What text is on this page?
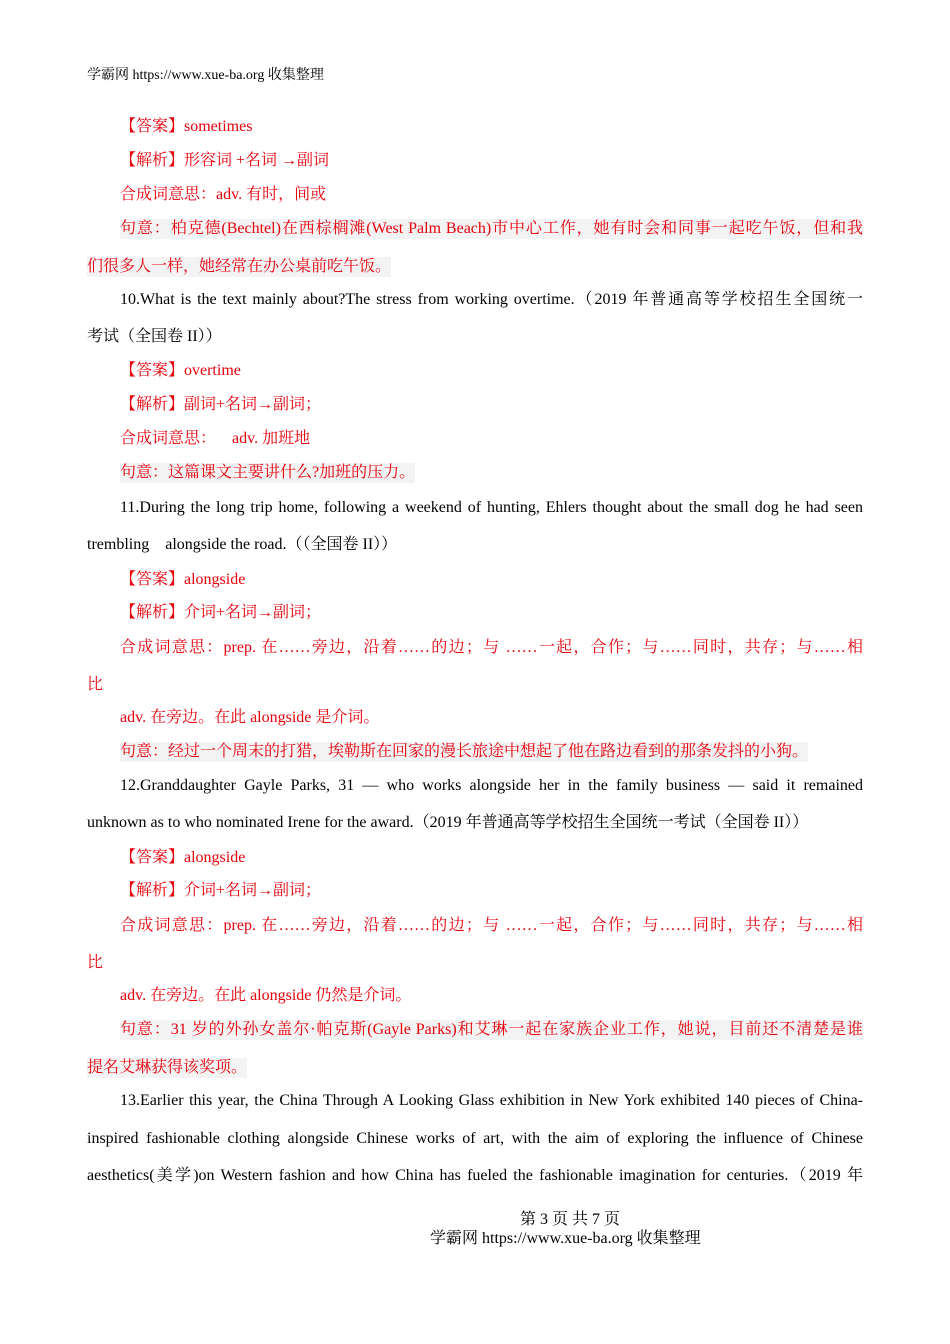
学霸网 https://www.xue-ba.org 收集整理
【答案】sometimes
【解析】形容词 +名词 →副词
合成词意思：adv. 有时，间或
句意：柏克德(Bechtel)在西棕榈滩(West Palm Beach)市中心工作，她有时会和同事一起吃午饭，但和我
们很多人一样，她经常在办公桌前吃午饭。
10.What is the text mainly about?The stress from working overtime.（2019 年普通高等学校招生全国统一
考试（全国卷 II））
【答案】overtime
【解析】副词+名词→副词；
合成词意思：    adv. 加班地
句意：这篇课文主要讲什么?加班的压力。
11.During the long trip home, following a weekend of hunting, Ehlers thought about the small dog he had seen
trembling    alongside the road.（（全国卷 II））
【答案】alongside
【解析】介词+名词→副词；
合成词意思：prep. 在……旁边，沿着……的边；与 ……一起，合作；与……同时，共存；与……相
比
adv. 在旁边。在此 alongside 是介词。
句意：经过一个周末的打猎，埃勒斯在回家的漫长旅途中想起了他在路边看到的那条发抖的小狗。
12.Granddaughter Gayle Parks, 31 — who works alongside her in the family business — said it remained
unknown as to who nominated Irene for the award.（2019 年普通高等学校招生全国统一考试（全国卷 II））
【答案】alongside
【解析】介词+名词→副词；
合成词意思：prep. 在……旁边，沿着……的边；与 ……一起，合作；与……同时，共存；与……相
比
adv. 在旁边。在此 alongside 仍然是介词。
句意：31 岁的外孙女盖尔·帕克斯(Gayle Parks)和艾琳一起在家族企业工作，她说，目前还不清楚是谁
提名艾琳获得该奖项。
13.Earlier this year, the China Through A Looking Glass exhibition in New York exhibited 140 pieces of China-
inspired fashionable clothing alongside Chinese works of art, with the aim of exploring the influence of Chinese
aesthetics(美学)on Western fashion and how China has fueled the fashionable imagination for centuries.（2019 年
第 3 页 共 7 页
学霸网 https://www.xue-ba.org 收集整理
